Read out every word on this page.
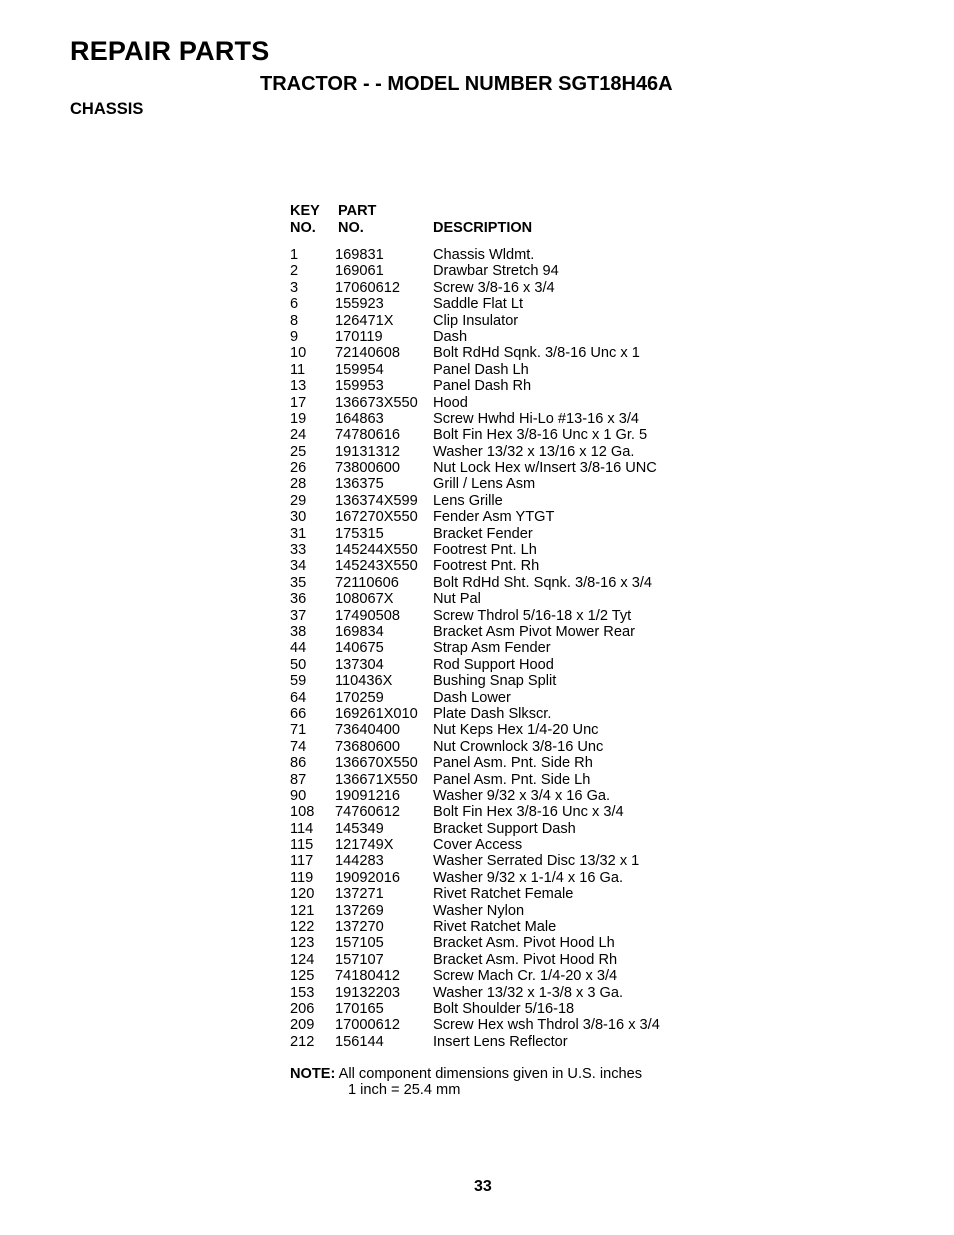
REPAIR PARTS
TRACTOR - - MODEL NUMBER SGT18H46A
CHASSIS
KEY
NO.
PART
NO.	DESCRIPTION
1	169831	Chassis Wldmt.
2	169061	Drawbar Stretch 94
3	17060612 Screw 3/8-16 x 3/4
6	155923	Saddle Flat Lt
8	126471X	Clip Insulator
9	170119	Dash
10 72140608 Bolt RdHd Sqnk. 3/8-16 Unc x 1
11 159954	Panel Dash Lh
13 159953	Panel Dash Rh
17 136673X550 Hood
19 164863	Screw Hwhd Hi-Lo #13-16 x 3/4
24 74780616 Bolt Fin Hex 3/8-16 Unc x 1 Gr. 5
25 19131312 Washer 13/32 x 13/16 x 12 Ga.
26 73800600 Nut Lock Hex w/Insert 3/8-16 UNC
28 136375	Grill / Lens Asm
29 136374X599 Lens Grille
30 167270X550 Fender Asm YTGT
31 175315	Bracket Fender
33 145244X550 Footrest Pnt. Lh
34 145243X550 Footrest Pnt. Rh
35 72110606 Bolt RdHd Sht. Sqnk. 3/8-16 x 3/4
36 108067X	Nut Pal
37 17490508 Screw Thdrol 5/16-18 x 1/2 Tyt
38 169834	Bracket Asm Pivot Mower Rear
44 140675	Strap Asm Fender
50 137304	Rod Support Hood
59 110436X	Bushing Snap Split
64 170259	Dash Lower
66 169261X010 Plate Dash Slkscr.
71 73640400 Nut Keps Hex 1/4-20 Unc
74 73680600 Nut Crownlock 3/8-16 Unc
86 136670X550 Panel Asm. Pnt. Side Rh
87 136671X550 Panel Asm. Pnt. Side Lh
90 19091216 Washer 9/32 x 3/4 x 16 Ga.
108 74760612 Bolt Fin Hex 3/8-16 Unc x 3/4
114 145349	Bracket Support Dash
115 121749X	Cover Access
117 144283	Washer Serrated Disc 13/32 x 1
119 19092016 Washer 9/32 x 1-1/4 x 16 Ga.
120 137271	Rivet Ratchet Female
121 137269	Washer Nylon
122 137270	Rivet Ratchet Male
123 157105	Bracket Asm. Pivot Hood Lh
124 157107	Bracket Asm. Pivot Hood Rh
125 74180412 Screw Mach Cr. 1/4-20 x 3/4
153 19132203 Washer 13/32 x 1-3/8 x 3 Ga.
206 170165	Bolt Shoulder 5/16-18
209 17000612 Screw Hex wsh Thdrol 3/8-16 x 3/4
212 156144	Insert Lens Reflector
NOTE: All component dimensions given in U.S. inches
1 inch = 25.4 mm
33
